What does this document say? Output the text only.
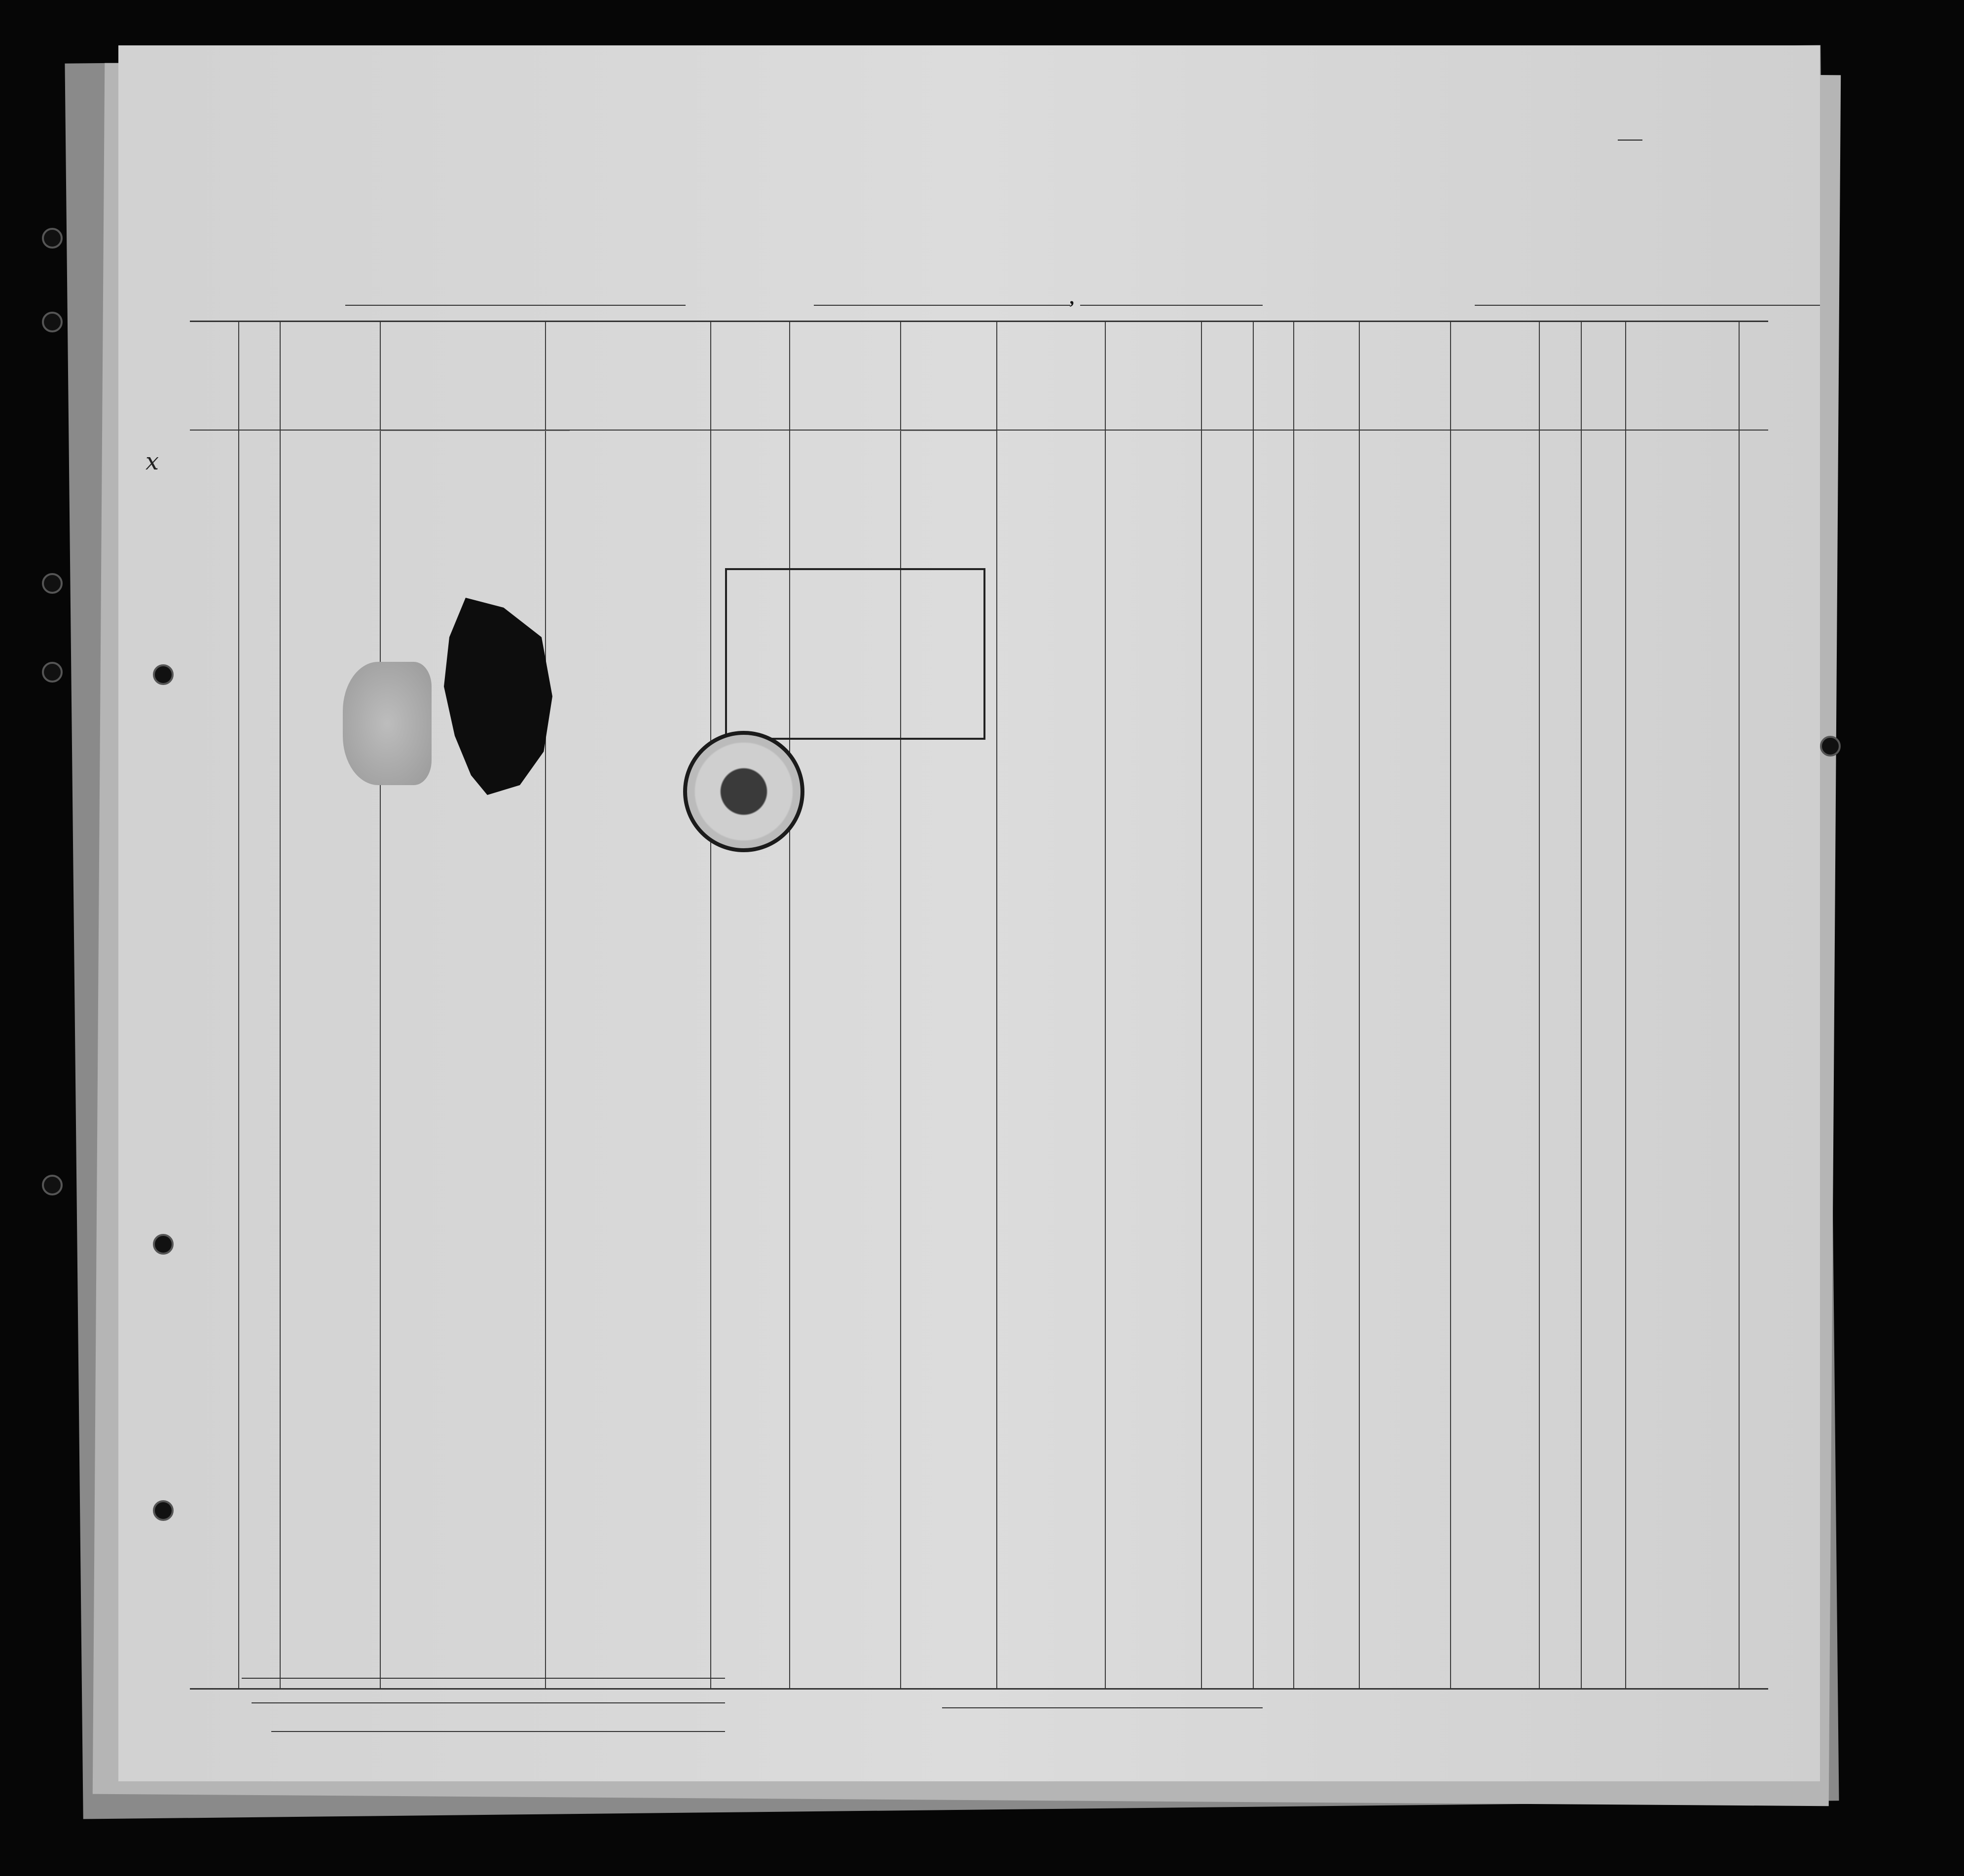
,
x
